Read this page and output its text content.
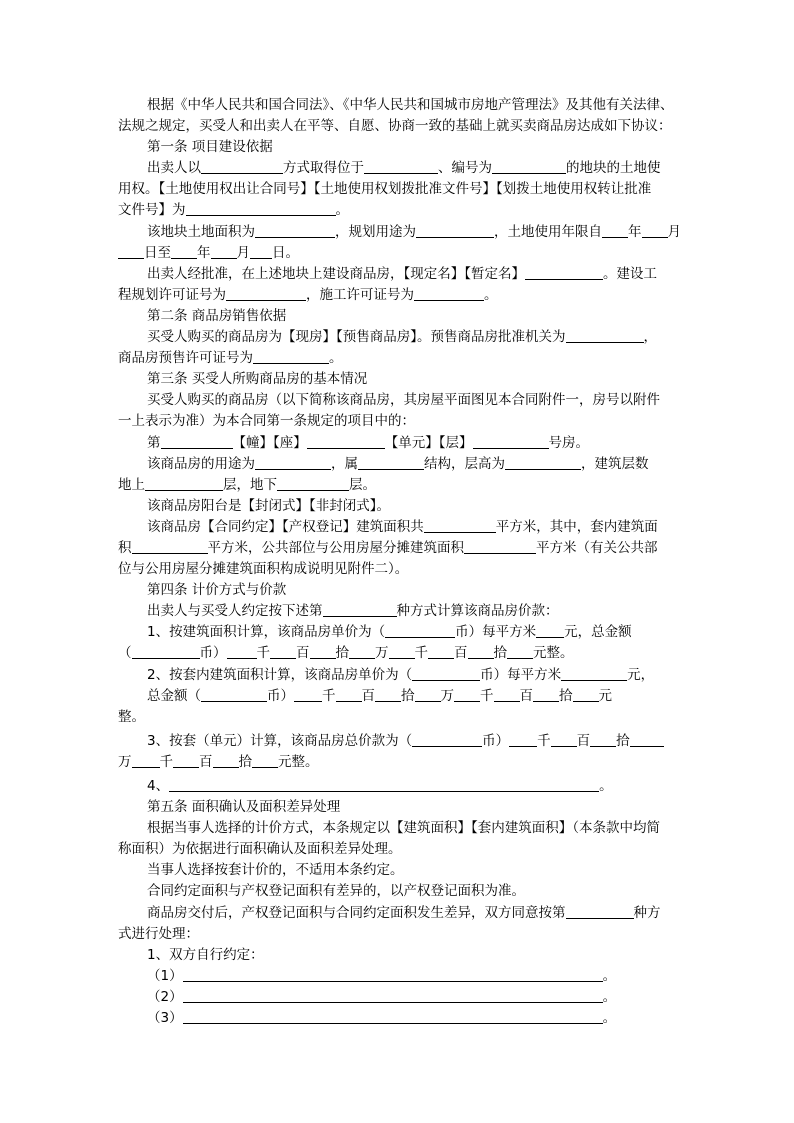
根据《中华人民共和国合同法》、《中华人民共和国城市房地产管理法》及其他有关法律、
法规之规定，买受人和出卖人在平等、自愿、协商一致的基础上就买卖商品房达成如下协议：
第一条 项目建设依据
出卖人以	方式取得位于	、编号为	的地块的土地使
用权。【土地使用权出让合同号】【土地使用权划拨批准文件号】【划拨土地使用权转让批准
文件号】为	。
该地块土地面积为	，规划用途为	，土地使用年限自 年 月
日至 年 月 日。
出卖人经批准，在上述地块上建设商品房，【现定名】【暂定名】	。建设工
程规划许可证号为	，施工许可证号为	。
第二条 商品房销售依据
买受人购买的商品房为【现房】【预售商品房】。预售商品房批准机关为	，
商品房预售许可证号为	。
第三条 买受人所购商品房的基本情况
买受人购买的商品房（以下简称该商品房，其房屋平面图见本合同附件一，房号以附件
一上表示为准）为本合同第一条规定的项目中的：
第	【幢】【座】	【单元】【层】	号房。
该商品房的用途为	，属	结构，层高为	，建筑层数
地上	层，地下	层。
该商品房阳台是【封闭式】【非封闭式】。
该商品房【合同约定】【产权登记】建筑面积共	平方米，其中，套内建筑面
积	平方米，公共部位与公用房屋分摊建筑面积	平方米（有关公共部
位与公用房屋分摊建筑面积构成说明见附件二）。
第四条 计价方式与价款
出卖人与买受人约定按下述第	种方式计算该商品房价款：
1、按建筑面积计算，该商品房单价为（	币）每平方米 元，总金额
（	币） 千 百 拾 万 千 百 拾 元整。
2、按套内建筑面积计算，该商品房单价为（	币）每平方米	元，
总金额（	币） 千 百 拾 万 千 百 拾 元
整。
3、按套（单元）计算，该商品房总价款为（	币） 千 百 拾
万 千 百 拾 元整。
4、	。
第五条 面积确认及面积差异处理
根据当事人选择的计价方式，本条规定以【建筑面积】【套内建筑面积】（本条款中均简
称面积）为依据进行面积确认及面积差异处理。
当事人选择按套计价的，不适用本条约定。
合同约定面积与产权登记面积有差异的，以产权登记面积为准。
商品房交付后，产权登记面积与合同约定面积发生差异，双方同意按第	种方
式进行处理：
1、双方自行约定：
（1）	。
（2）	。
（3）	。
